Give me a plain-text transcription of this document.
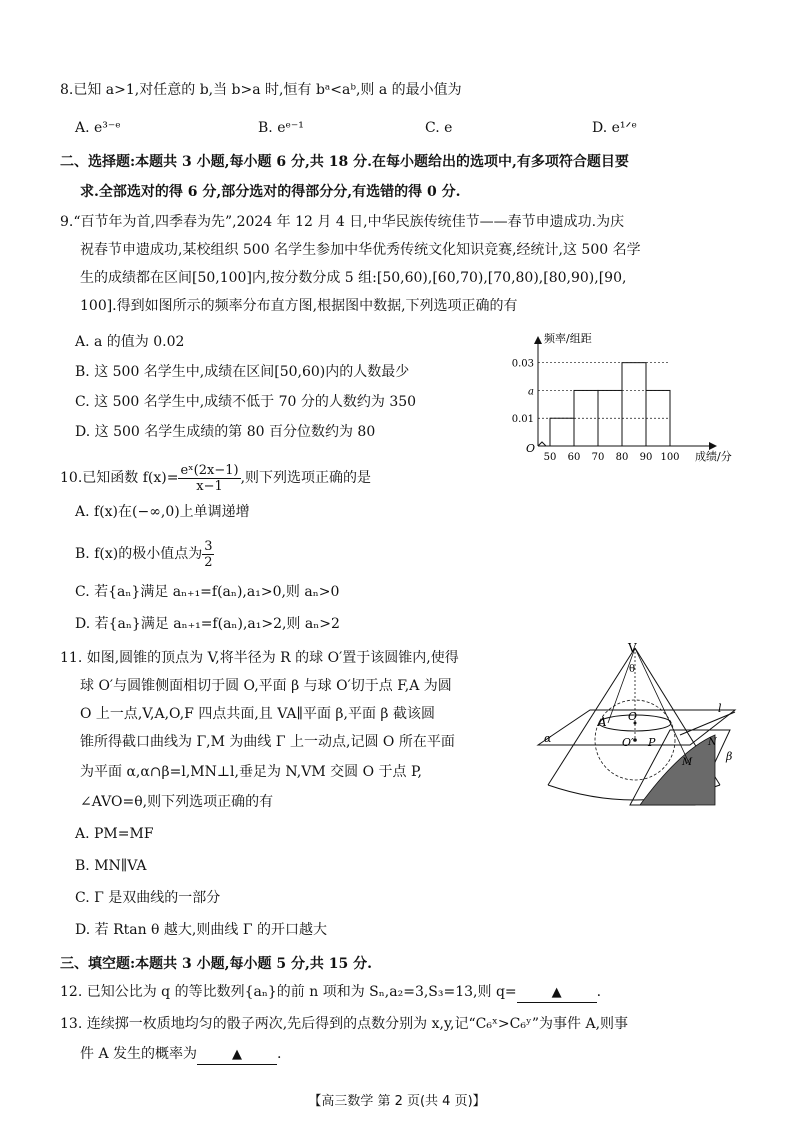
8.已知 a>1,对任意的 b,当 b>a 时,恒有 bᵃ<aᵇ,则 a 的最小值为
A. e³⁻ᵉ	B. eᵉ⁻¹	C. e	D. e¹ᐟᵉ
二、选择题:本题共 3 小题,每小题 6 分,共 18 分.在每小题给出的选项中,有多项符合题目要
求.全部选对的得 6 分,部分选对的得部分分,有选错的得 0 分.
9.“百节年为首,四季春为先”,2024 年 12 月 4 日,中华民族传统佳节——春节申遗成功.为庆
祝春节申遗成功,某校组织 500 名学生参加中华优秀传统文化知识竞赛,经统计,这 500 名学
生的成绩都在区间[50,100]内,按分数分成 5 组:[50,60),[60,70),[70,80),[80,90),[90,
100].得到如图所示的频率分布直方图,根据图中数据,下列选项正确的有
A. a 的值为 0.02
B. 这 500 名学生中,成绩在区间[50,60)内的人数最少
C. 这 500 名学生中,成绩不低于 70 分的人数约为 350
D. 这 500 名学生成绩的第 80 百分位数约为 80
0.03
a
0.01
50 60 70 80 90 100
O
频率/组距
成绩/分
10.已知函数 $f(x)= \frac{\text{eˣ(2x−1)}}{x-1}$ ,则下列选项正确的是
A. f(x)在(−∞,0)上单调递增
B. f(x)的极小值点为 $\frac{3}{2}$
C. 若{aₙ}满足 aₙ₊₁=f(aₙ),a₁>0,则 aₙ>0
D. 若{aₙ}满足 aₙ₊₁=f(aₙ),a₁>2,则 aₙ>2
11. 如图,圆锥的顶点为 V,将半径为 R 的球 O′置于该圆锥内,使得
球 O′与圆锥侧面相切于圆 O,平面 β 与球 O′切于点 F,A 为圆
O 上一点,V,A,O,F 四点共面,且 VA∥平面 β,平面 β 截该圆
锥所得截口曲线为 Γ,M 为曲线 Γ 上一动点,记圆 O 所在平面
为平面 α,α∩β=l,MN⊥l,垂足为 N,VM 交圆 O 于点 P,
∠AVO=θ,则下列选项正确的有
A. PM=MF
B. MN∥VA
C. Γ 是双曲线的一部分
D. 若 Rtan θ 越大,则曲线 Γ 的开口越大
V
θ
A O
O′ P
α
β
l
M
N
三、填空题:本题共 3 小题,每小题 5 分,共 15 分.
12. 已知公比为 q 的等比数列{aₙ}的前 n 项和为 Sₙ,a₂=3,S₃=13,则 q=	▲	.
13. 连续掷一枚质地均匀的骰子两次,先后得到的点数分别为 x,y,记“C₆ˣ>C₆ʸ”为事件 A,则事
件 A 发生的概率为	▲	.
【高三数学 第 2 页(共 4 页)】
